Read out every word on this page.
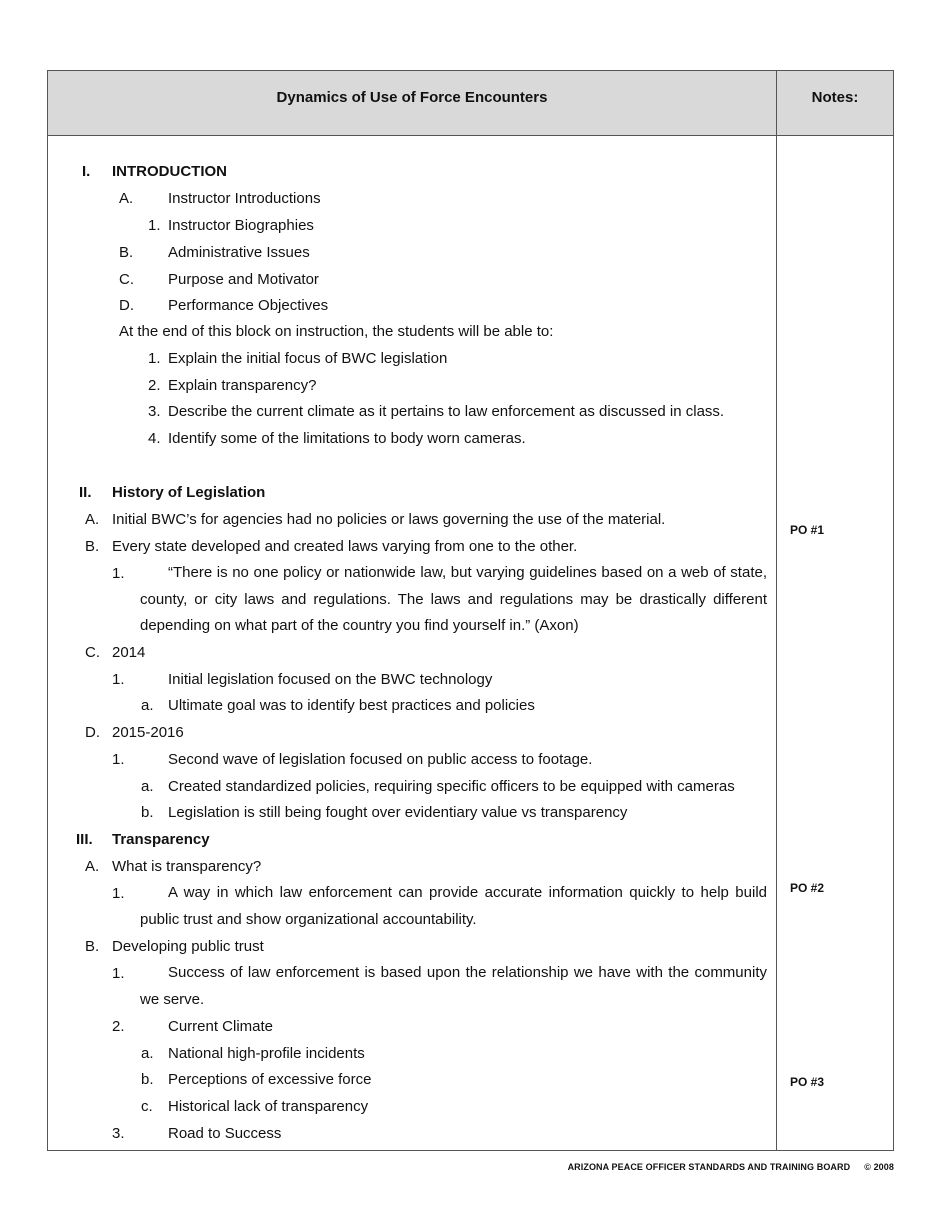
Dynamics of Use of Force Encounters	Notes:
I. INTRODUCTION
A. Instructor Introductions
1. Instructor Biographies
B. Administrative Issues
C. Purpose and Motivator
D. Performance Objectives
At the end of this block on instruction, the students will be able to:
1. Explain the initial focus of BWC legislation
2. Explain transparency?
3. Describe the current climate as it pertains to law enforcement as discussed in class.
4. Identify some of the limitations to body worn cameras.
II. History of Legislation
A. Initial BWC’s for agencies had no policies or laws governing the use of the material.
B. Every state developed and created laws varying from one to the other.
1.	“There is no one policy or nationwide law, but varying guidelines based on a web of state, county, or city laws and regulations. The laws and regulations may be drastically different depending on what part of the country you find yourself in.” (Axon)
C. 2014
1.	Initial legislation focused on the BWC technology
a. Ultimate goal was to identify best practices and policies
D. 2015-2016
1.	Second wave of legislation focused on public access to footage.
a. Created standardized policies, requiring specific officers to be equipped with cameras
b. Legislation is still being fought over evidentiary value vs transparency
III. Transparency
A. What is transparency?
1.	A way in which law enforcement can provide accurate information quickly to help build public trust and show organizational accountability.
B. Developing public trust
1.	Success of law enforcement is based upon the relationship we have with the community we serve.
2.	Current Climate
a. National high-profile incidents
b. Perceptions of excessive force
c. Historical lack of transparency
3.	Road to Success
PO #1
PO #2
PO #3
ARIZONA PEACE OFFICER STANDARDS AND TRAINING BOARD © 2008
